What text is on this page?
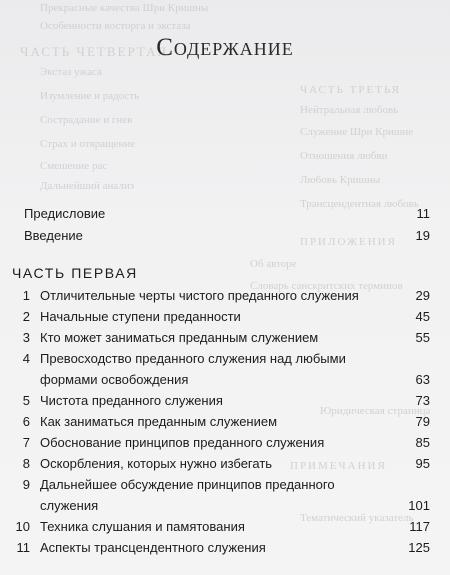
Прекрасные качества Шри Кришны
Особенности восторга и экстаза
ЧАСТЬ ЧЕТВЕРТАЯ
Экстаз ужаса
Изумление и радость
Сострадание и гнев
Страх и отвращение
Смешение рас
Дальнейший анализ
ЧАСТЬ ТРЕТЬЯ
Нейтральная любовь
Служение Шри Кришне
Отношения любви
Любовь Кришны
Трансцендентная любовь
ПРИЛОЖЕНИЯ
Об авторе
Словарь санскритских терминов
Юридическая страница
ПРИМЕЧАНИЯ
Тематический указатель
Содержание
Предисловие	11
Введение	19
ЧАСТЬ ПЕРВАЯ
1 Отличительные черты чистого преданного служения	29
2 Начальные ступени преданности	45
3 Кто может заниматься преданным служением	55
4 Превосходство преданного служения над любыми
формами освобождения	63
5 Чистота преданного служения	73
6 Как заниматься преданным служением	79
7 Обоснование принципов преданного служения	85
8 Оскорбления, которых нужно избегать	95
9 Дальнейшее обсуждение принципов преданного
служения	101
10 Техника слушания и памятования	117
11 Аспекты трансцендентного служения	125
